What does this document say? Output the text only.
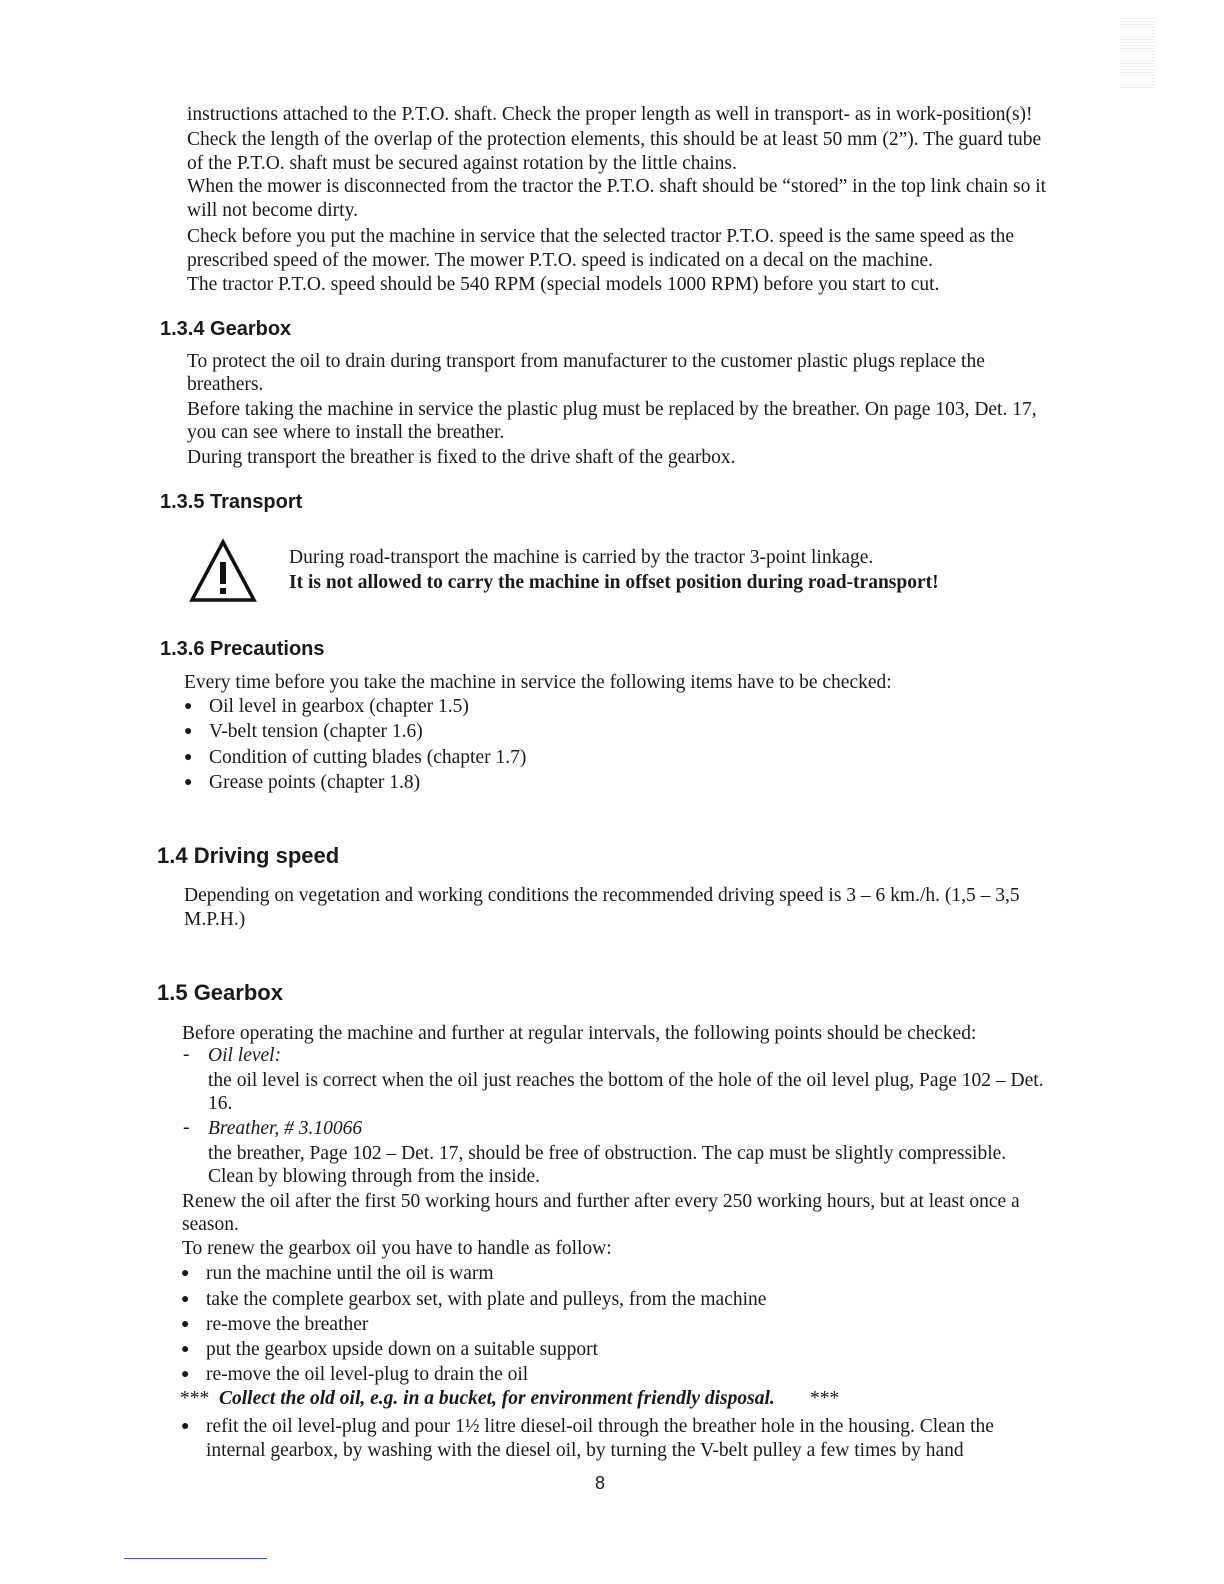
instructions attached to the P.T.O. shaft. Check the proper length as well in transport- as in work-position(s)!
Check the length of the overlap of the protection elements, this should be at least 50 mm (2”). The guard tube
of the P.T.O. shaft must be secured against rotation by the little chains.
When the mower is disconnected from the tractor the P.T.O. shaft should be “stored” in the top link chain so it
will not become dirty.
Check before you put the machine in service that the selected tractor P.T.O. speed is the same speed as the
prescribed speed of the mower. The mower P.T.O. speed is indicated on a decal on the machine.
The tractor P.T.O. speed should be 540 RPM (special models 1000 RPM) before you start to cut.
1.3.4 Gearbox
To protect the oil to drain during transport from manufacturer to the customer plastic plugs replace the
breathers.
Before taking the machine in service the plastic plug must be replaced by the breather. On page 103, Det. 17,
you can see where to install the breather.
During transport the breather is fixed to the drive shaft of the gearbox.
1.3.5 Transport
During road-transport the machine is carried by the tractor 3-point linkage.
It is not allowed to carry the machine in offset position during road-transport!
1.3.6 Precautions
Every time before you take the machine in service the following items have to be checked:
● Oil level in gearbox (chapter 1.5)
● V-belt tension (chapter 1.6)
● Condition of cutting blades (chapter 1.7)
● Grease points (chapter 1.8)
1.4 Driving speed
Depending on vegetation and working conditions the recommended driving speed is 3 – 6 km./h. (1,5 – 3,5
M.P.H.)
1.5 Gearbox
Before operating the machine and further at regular intervals, the following points should be checked:
- Oil level:
the oil level is correct when the oil just reaches the bottom of the hole of the oil level plug, Page 102 – Det.
16.
- Breather, # 3.10066
the breather, Page 102 – Det. 17, should be free of obstruction. The cap must be slightly compressible.
Clean by blowing through from the inside.
Renew the oil after the first 50 working hours and further after every 250 working hours, but at least once a
season.
To renew the gearbox oil you have to handle as follow:
● run the machine until the oil is warm
● take the complete gearbox set, with plate and pulleys, from the machine
● re-move the breather
● put the gearbox upside down on a suitable support
● re-move the oil level-plug to drain the oil
*** Collect the old oil, e.g. in a bucket, for environment friendly disposal.	***
● refit the oil level-plug and pour 1½ litre diesel-oil through the breather hole in the housing. Clean the
internal gearbox, by washing with the diesel oil, by turning the V-belt pulley a few times by hand
8
